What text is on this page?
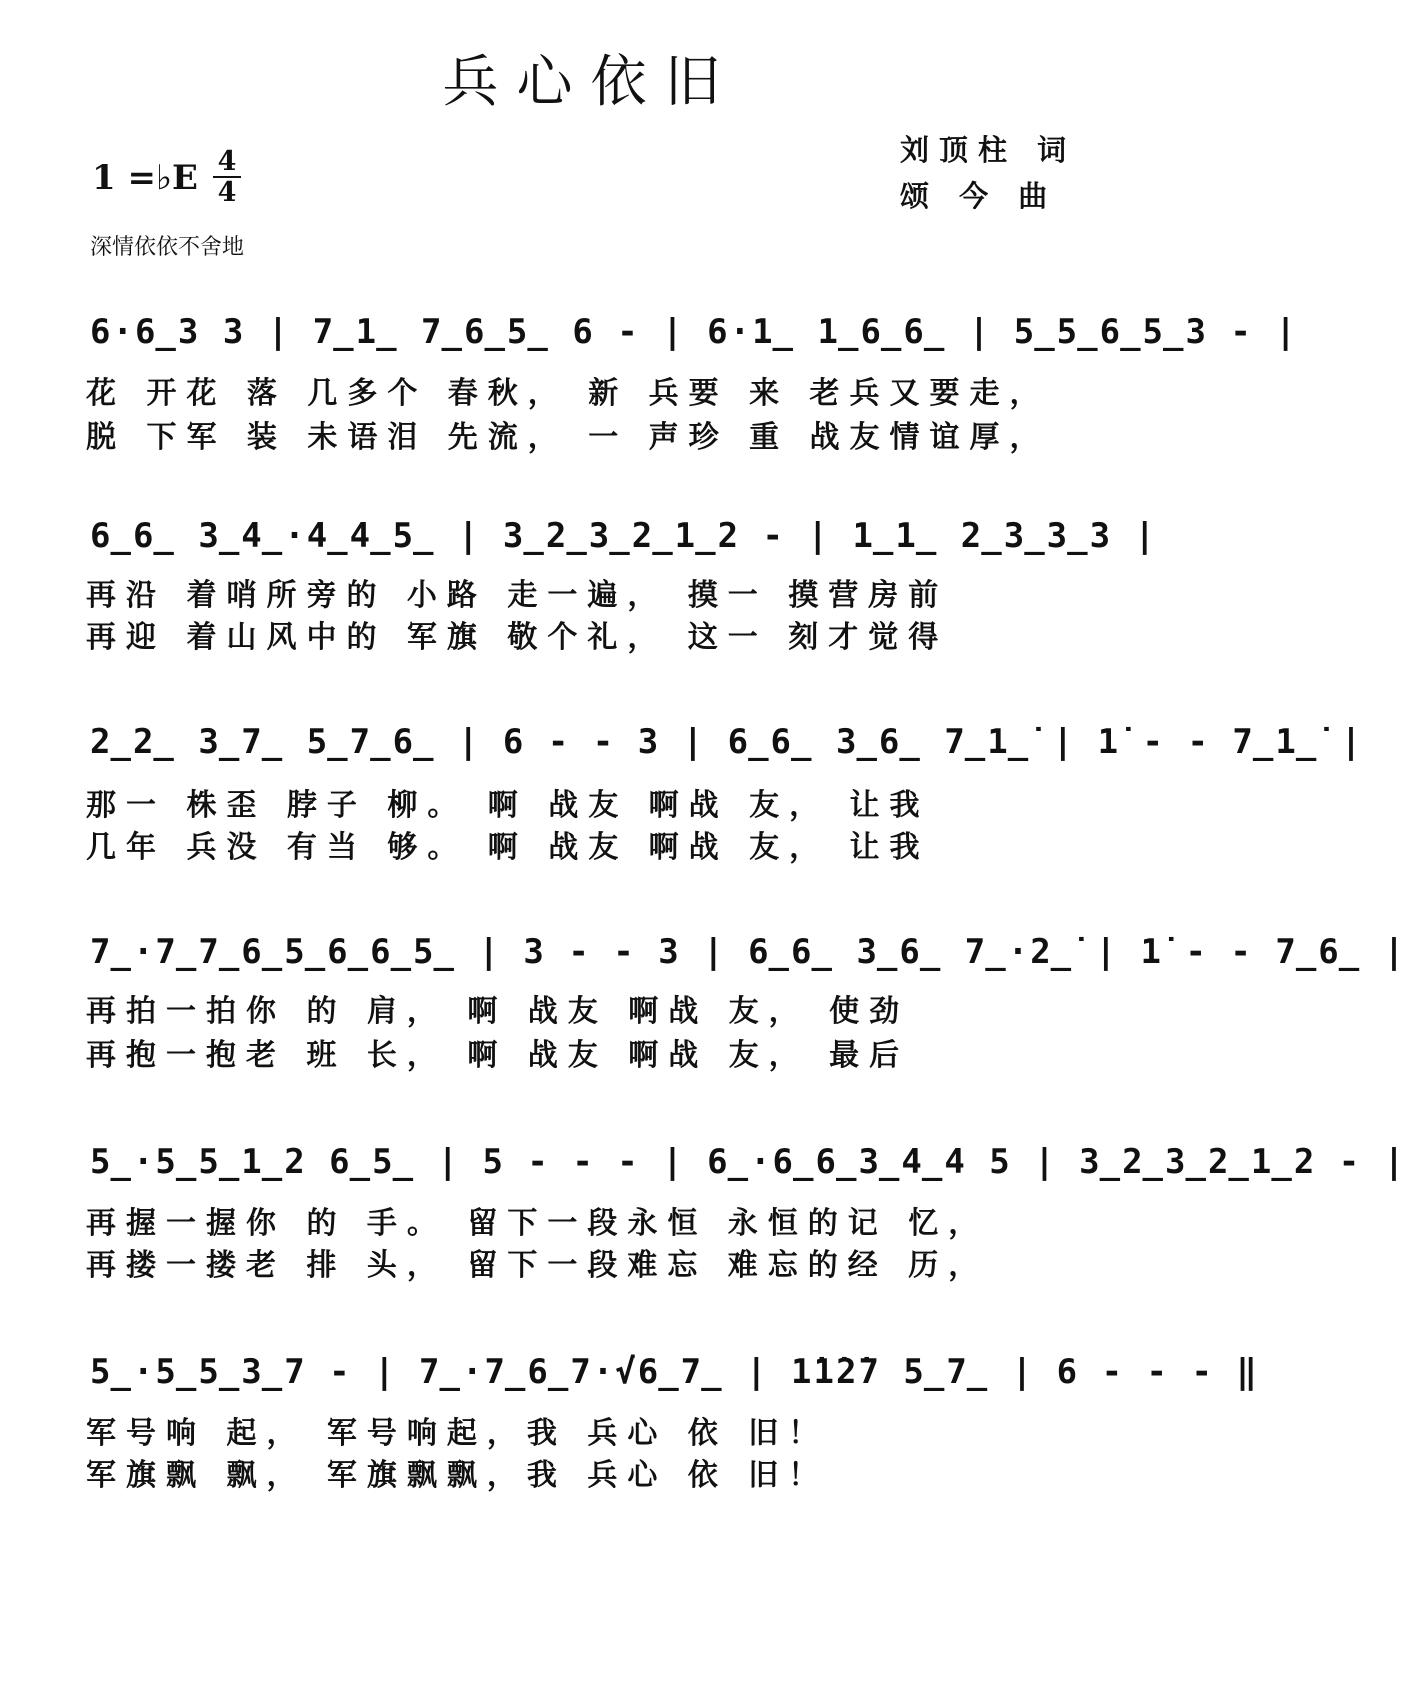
兵心依旧
1 =♭E 4
4
深情依依不舍地
刘顶柱 词
颂 今 曲
6·6̲3 3 | 7̲1̲ 7̲6̲5̲ 6 - | 6·1̲ 1̲6̲6̲ | 5̲5̲6̲5̲3 - |
花 开花 落 几多个 春秋， 新 兵要 来 老兵又要走，
脱 下军 装 未语泪 先流， 一 声珍 重 战友情谊厚，
6̲6̲ 3̲4̲·4̲4̲5̲ | 3̲2̲3̲2̲1̲2 - | 1̲1̲ 2̲3̲3̲3 |
再沿 着哨所旁的 小路 走一遍， 摸一 摸营房前
再迎 着山风中的 军旗 敬个礼， 这一 刻才觉得
2̲2̲ 3̲7̲ 5̲7̲6̲ | 6 - - 3 | 6̲6̲ 3̲6̲ 7̲1̲̇ | 1̇ - - 7̲1̲̇ |
那一 株歪 脖子 柳。 啊 战友 啊战 友， 让我
几年 兵没 有当 够。 啊 战友 啊战 友， 让我
7̲·7̲7̲6̲5̲6̲6̲5̲ | 3 - - 3 | 6̲6̲ 3̲6̲ 7̲·2̲̇ | 1̇ - - 7̲6̲ |
再拍一拍你 的 肩， 啊 战友 啊战 友， 使劲
再抱一抱老 班 长， 啊 战友 啊战 友， 最后
5̲·5̲5̲1̲2 6̲5̲ | 5 - - - | 6̲·6̲6̲3̲4̲4 5 | 3̲2̲3̲2̲1̲2 - |
再握一握你 的 手。 留下一段永恒 永恒的记 忆，
再搂一搂老 排 头， 留下一段难忘 难忘的经 历，
5̲·5̲5̲3̲7 - | 7̲·7̲6̲7·√6̲7̲ | 1̇1̇2̇7 5̲7̲ | 6 - - - ‖
军号响 起， 军号响起，我 兵心 依 旧！
军旗飘 飘， 军旗飘飘，我 兵心 依 旧！
